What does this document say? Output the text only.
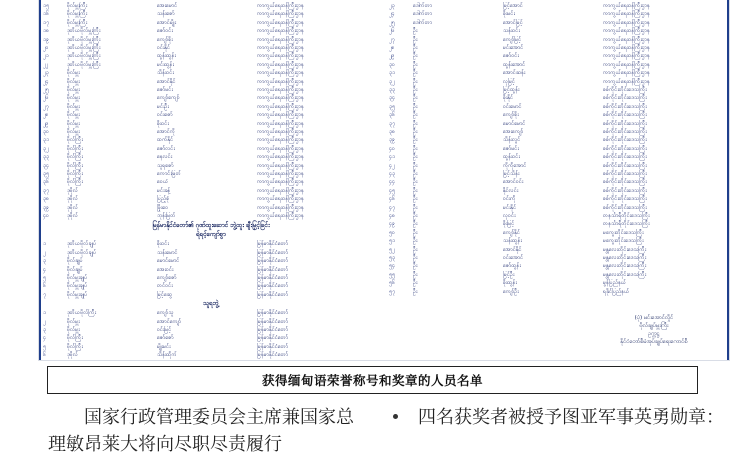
၁၅	ဗိုလ်မှူးကြီး	အေးမောင်	ကာကွယ်ရေးဝန်ကြီးဌာန
၁၆	ဗိုလ်မှူးကြီး	သန်းဇော်	ကာကွယ်ရေးဝန်ကြီးဌာန
၁၇	ဗိုလ်မှူးကြီး	အောင်မျိုး	ကာကွယ်ရေးဝန်ကြီးဌာန
၁၈	ဒုတိယဗိုလ်မှူးကြီး	ဇော်ဝင်း	ကာကွယ်ရေးဝန်ကြီးဌာန
၁၉	ဒုတိယဗိုလ်မှူးကြီး	ကျော်စိုး	ကာကွယ်ရေးဝန်ကြီးဌာန
၂၀	ဒုတိယဗိုလ်မှူးကြီး	ဝင်းနိုင်	ကာကွယ်ရေးဝန်ကြီးဌာန
၂၁	ဒုတိယဗိုလ်မှူးကြီး	ထွန်းထွန်း	ကာကွယ်ရေးဝန်ကြီးဌာန
၂၂	ဒုတိယဗိုလ်မှူးကြီး	မင်းထွန်း	ကာကွယ်ရေးဝန်ကြီးဌာန
၂၃	ဗိုလ်မှူး	သိန်းဝင်း	ကာကွယ်ရေးဝန်ကြီးဌာန
၂၄	ဗိုလ်မှူး	အောင်နိုင်	ကာကွယ်ရေးဝန်ကြီးဌာန
၂၅	ဗိုလ်မှူး	ဇော်မင်း	ကာကွယ်ရေးဝန်ကြီးဌာန
၂၆	ဗိုလ်မှူး	ကျော်ကျော်	ကာကွယ်ရေးဝန်ကြီးဌာန
၂၇	ဗိုလ်မှူး	မင်းဦး	ကာကွယ်ရေးဝန်ကြီးဌာန
၂၈	ဗိုလ်မှူး	ဝင်းဇော်	ကာကွယ်ရေးဝန်ကြီးဌာန
၂၉	ဗိုလ်မှူး	စိုးဝင်း	ကာကွယ်ရေးဝန်ကြီးဌာန
၃၀	ဗိုလ်မှူး	အောင်ကို	ကာကွယ်ရေးဝန်ကြီးဌာန
၃၁	ဗိုလ်ကြီး	ထက်နိုင်	ကာကွယ်ရေးဝန်ကြီးဌာန
၃၂	ဗိုလ်ကြီး	ဇော်လင်း	ကာကွယ်ရေးဝန်ကြီးဌာန
၃၃	ဗိုလ်ကြီး	နေလင်း	ကာကွယ်ရေးဝန်ကြီးဌာန
၃၄	ဗိုလ်ကြီး	သူရဇော်	ကာကွယ်ရေးဝန်ကြီးဌာန
၃၅	ဗိုလ်ကြီး	ကောင်းမြတ်	ကာကွယ်ရေးဝန်ကြီးဌာန
၃၆	ဗိုလ်ကြီး	ဝေယံ	ကာကွယ်ရေးဝန်ကြီးဌာန
၃၇	ဒုဗိုလ်	မင်းခန့်	ကာကွယ်ရေးဝန်ကြီးဌာန
၃၈	ဒုဗိုလ်	ပြည့်စုံ	ကာကွယ်ရေးဝန်ကြီးဌာန
၃၉	ဒုဗိုလ်	ဖြိုးဝေ	ကာကွယ်ရေးဝန်ကြီးဌာန
၄၀	ဒုဗိုလ်	ဘုန်းမြတ်	ကာကွယ်ရေးဝန်ကြီးဌာန
မြန်မာနိုင်ငံတော်၏ ဂုဏ်ထူးဆောင် ဘွဲ့ထူး ချီးမြှင့်ခြင်း
ရဲရင့်ကျော်စွာ
၁	ဒုတိယဗိုလ်ချုပ်	စိုးဝင်း	မြန်မာနိုင်ငံတော်
၂	ဒုတိယဗိုလ်ချုပ်	သန်းမောင်	မြန်မာနိုင်ငံတော်
၃	ဗိုလ်ချုပ်	မောင်မောင်	မြန်မာနိုင်ငံတော်
၄	ဗိုလ်ချုပ်	အေးဝင်း	မြန်မာနိုင်ငံတော်
၅	ဗိုလ်မှူးချုပ်	ကျော်ဇော်	မြန်မာနိုင်ငံတော်
၆	ဗိုလ်မှူးချုပ်	တင်ဝင်း	မြန်မာနိုင်ငံတော်
၇	ဗိုလ်မှူးချုပ်	မြင့်ဆွေ	မြန်မာနိုင်ငံတော်
သူရဘွဲ့
၁	ဒုတိယဗိုလ်ကြီး	ကျော်သူ	မြန်မာနိုင်ငံတော်
၂	ဗိုလ်မှူး	အောင်ကျော်	မြန်မာနိုင်ငံတော်
၃	ဗိုလ်မှူး	ဝင်းမြင့်	မြန်မာနိုင်ငံတော်
၄	ဗိုလ်ကြီး	ဇော်ဇော်	မြန်မာနိုင်ငံတော်
၅	ဗိုလ်ကြီး	မျိုးမင်း	မြန်မာနိုင်ငံတော်
၆	ဒုဗိုလ်	သိန်းထိုက်	မြန်မာနိုင်ငံတော်
၂၃	ဒေါက်တာ	မြင့်အောင်	ကာကွယ်ရေးဝန်ကြီးဌာန
၂၄	ဒေါက်တာ	စိုးမင်း	ကာကွယ်ရေးဝန်ကြီးဌာန
၂၅	ဒေါက်တာ	အောင်မြင့်	ကာကွယ်ရေးဝန်ကြီးဌာန
၂၆	ဦး	သန်းဝင်း	ကာကွယ်ရေးဝန်ကြီးဌာန
၂၇	ဦး	ကျော်မြင့်	ကာကွယ်ရေးဝန်ကြီးဌာန
၂၈	ဦး	မင်းအောင်	ကာကွယ်ရေးဝန်ကြီးဌာန
၂၉	ဦး	ဇော်ဝင်း	ကာကွယ်ရေးဝန်ကြီးဌာန
၃၀	ဦး	ထွန်းအောင်	ကာကွယ်ရေးဝန်ကြီးဌာန
၃၁	ဦး	အောင်ဆန်း	ကာကွယ်ရေးဝန်ကြီးဌာန
၃၂	ဦး	လှမြင့်	ကာကွယ်ရေးဝန်ကြီးဌာန
၃၃	ဦး	မြင့်ထွန်း	စစ်ကိုင်းတိုင်းဒေသကြီး
၃၄	ဦး	စိုးနိုင်	စစ်ကိုင်းတိုင်းဒေသကြီး
၃၅	ဦး	ဝင်းမောင်	စစ်ကိုင်းတိုင်းဒေသကြီး
၃၆	ဦး	ကျော်စိုး	စစ်ကိုင်းတိုင်းဒေသကြီး
၃၇	ဦး	မောင်မောင်	စစ်ကိုင်းတိုင်းဒေသကြီး
၃၈	ဦး	အေးကျော်	စစ်ကိုင်းတိုင်းဒေသကြီး
၃၉	ဦး	သိန်းလွင်	စစ်ကိုင်းတိုင်းဒေသကြီး
၄၀	ဦး	ဇော်မင်း	စစ်ကိုင်းတိုင်းဒေသကြီး
၄၁	ဦး	ထွန်းဝင်း	စစ်ကိုင်းတိုင်းဒေသကြီး
၄၂	ဦး	ကိုကိုအောင်	စစ်ကိုင်းတိုင်းဒေသကြီး
၄၃	ဦး	မြင့်သိန်း	စစ်ကိုင်းတိုင်းဒေသကြီး
၄၄	ဦး	အောင်ဝင်း	စစ်ကိုင်းတိုင်းဒေသကြီး
၄၅	ဦး	နိုင်လင်း	စစ်ကိုင်းတိုင်းဒေသကြီး
၄၆	ဦး	ဝင်းကို	စစ်ကိုင်းတိုင်းဒေသကြီး
၄၇	ဦး	မင်းနိုင်	စစ်ကိုင်းတိုင်းဒေသကြီး
၄၈	ဦး	လှဝင်း	တနင်္သာရီတိုင်းဒေသကြီး
၄၉	ဦး	စိုးမြင့်	တနင်္သာရီတိုင်းဒေသကြီး
၅၀	ဦး	ကျော်နိုင်	မကွေးတိုင်းဒေသကြီး
၅၁	ဦး	သန်းထွန်း	မကွေးတိုင်းဒေသကြီး
၅၂	ဦး	အောင်နိုင်	မန္တလေးတိုင်းဒေသကြီး
၅၃	ဦး	ဝင်းအောင်	မန္တလေးတိုင်းဒေသကြီး
၅၄	ဦး	ဇော်ထွန်း	မန္တလေးတိုင်းဒေသကြီး
၅၅	ဦး	မြင့်ဦး	မန္တလေးတိုင်းဒေသကြီး
၅၆	ဦး	စိုးထွန်း	မွန်ပြည်နယ်
၅၇	ဦး	ကျော်ဦး	ရခိုင်ပြည်နယ်
(ပုံ) မင်းအောင်လှိုင်
ဗိုလ်ချုပ်မှူးကြီး
ဥက္ကဋ္ဌ
နိုင်ငံတော်စီမံအုပ်ချုပ်ရေးကောင်စီ
获得缅甸语荣誉称号和奖章的人员名单
国家行政管理委员会主席兼国家总理敏昂莱大将向尽职尽责履行
四名获奖者被授予图亚军事英勇勋章：
